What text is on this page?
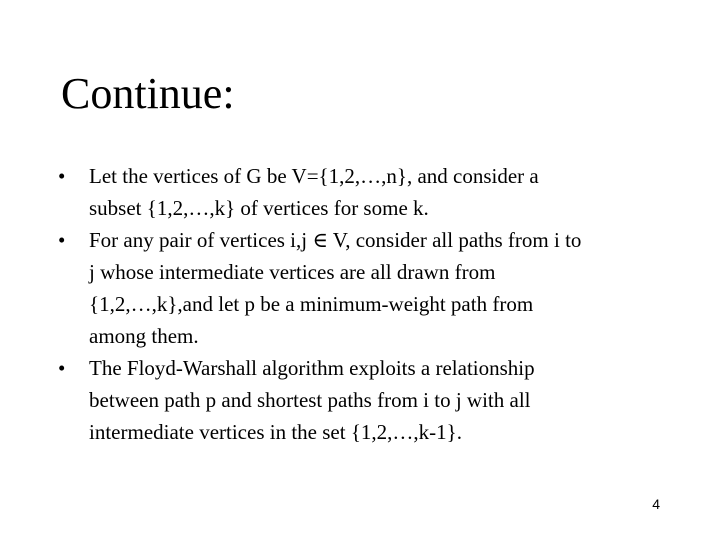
Continue:
•	Let the vertices of G be V={1,2,…,n}, and consider a
subset {1,2,…,k} of vertices for some k.
•	For any pair of vertices i,j ∈ V, consider all paths from i to
j whose intermediate vertices are all drawn from
{1,2,…,k},and let p be a minimum-weight path from
among them.
•	The Floyd-Warshall algorithm exploits a relationship
between path p and shortest paths from i to j with all
intermediate vertices in the set {1,2,…,k-1}.
4
